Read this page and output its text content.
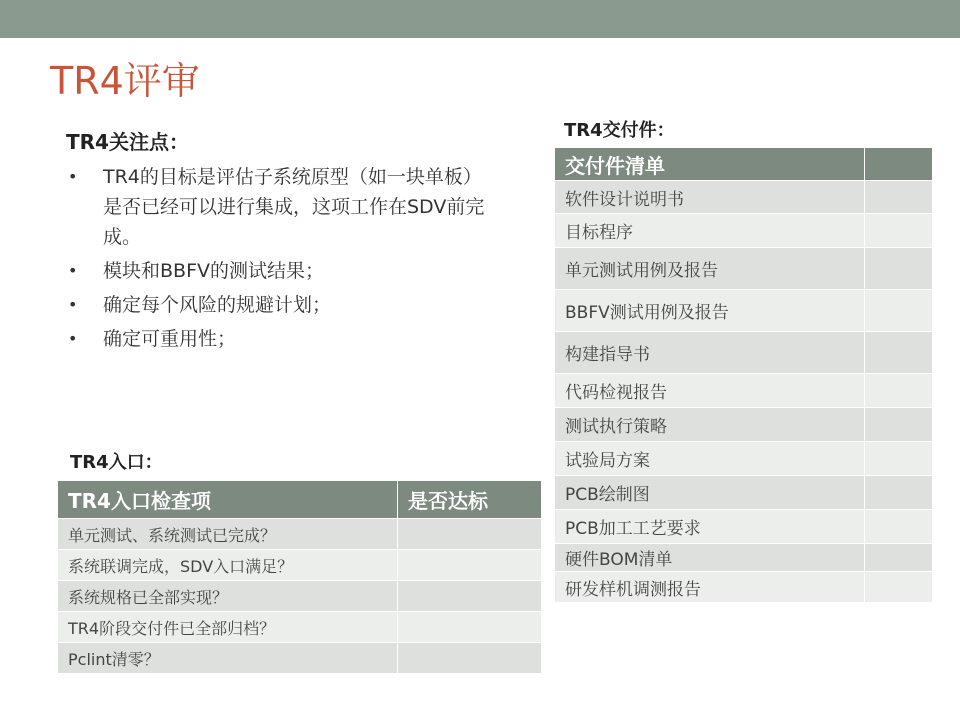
TR4评审
TR4关注点：
• TR4的目标是评估子系统原型（如一块单板）是否已经可以进行集成，这项工作在SDV前完成。
• 模块和BBFV的测试结果；
• 确定每个风险的规避计划；
• 确定可重用性；
TR4入口：
TR4入口检查项	是否达标
单元测试、系统测试已完成？	
系统联调完成，SDV入口满足？	
系统规格已全部实现？	
TR4阶段交付件已全部归档？	
Pclint清零？	
TR4交付件：
交付件清单	
软件设计说明书	
目标程序	
单元测试用例及报告	
BBFV测试用例及报告	
构建指导书	
代码检视报告	
测试执行策略	
试验局方案	
PCB绘制图	
PCB加工工艺要求	
硬件BOM清单	
研发样机调测报告	
